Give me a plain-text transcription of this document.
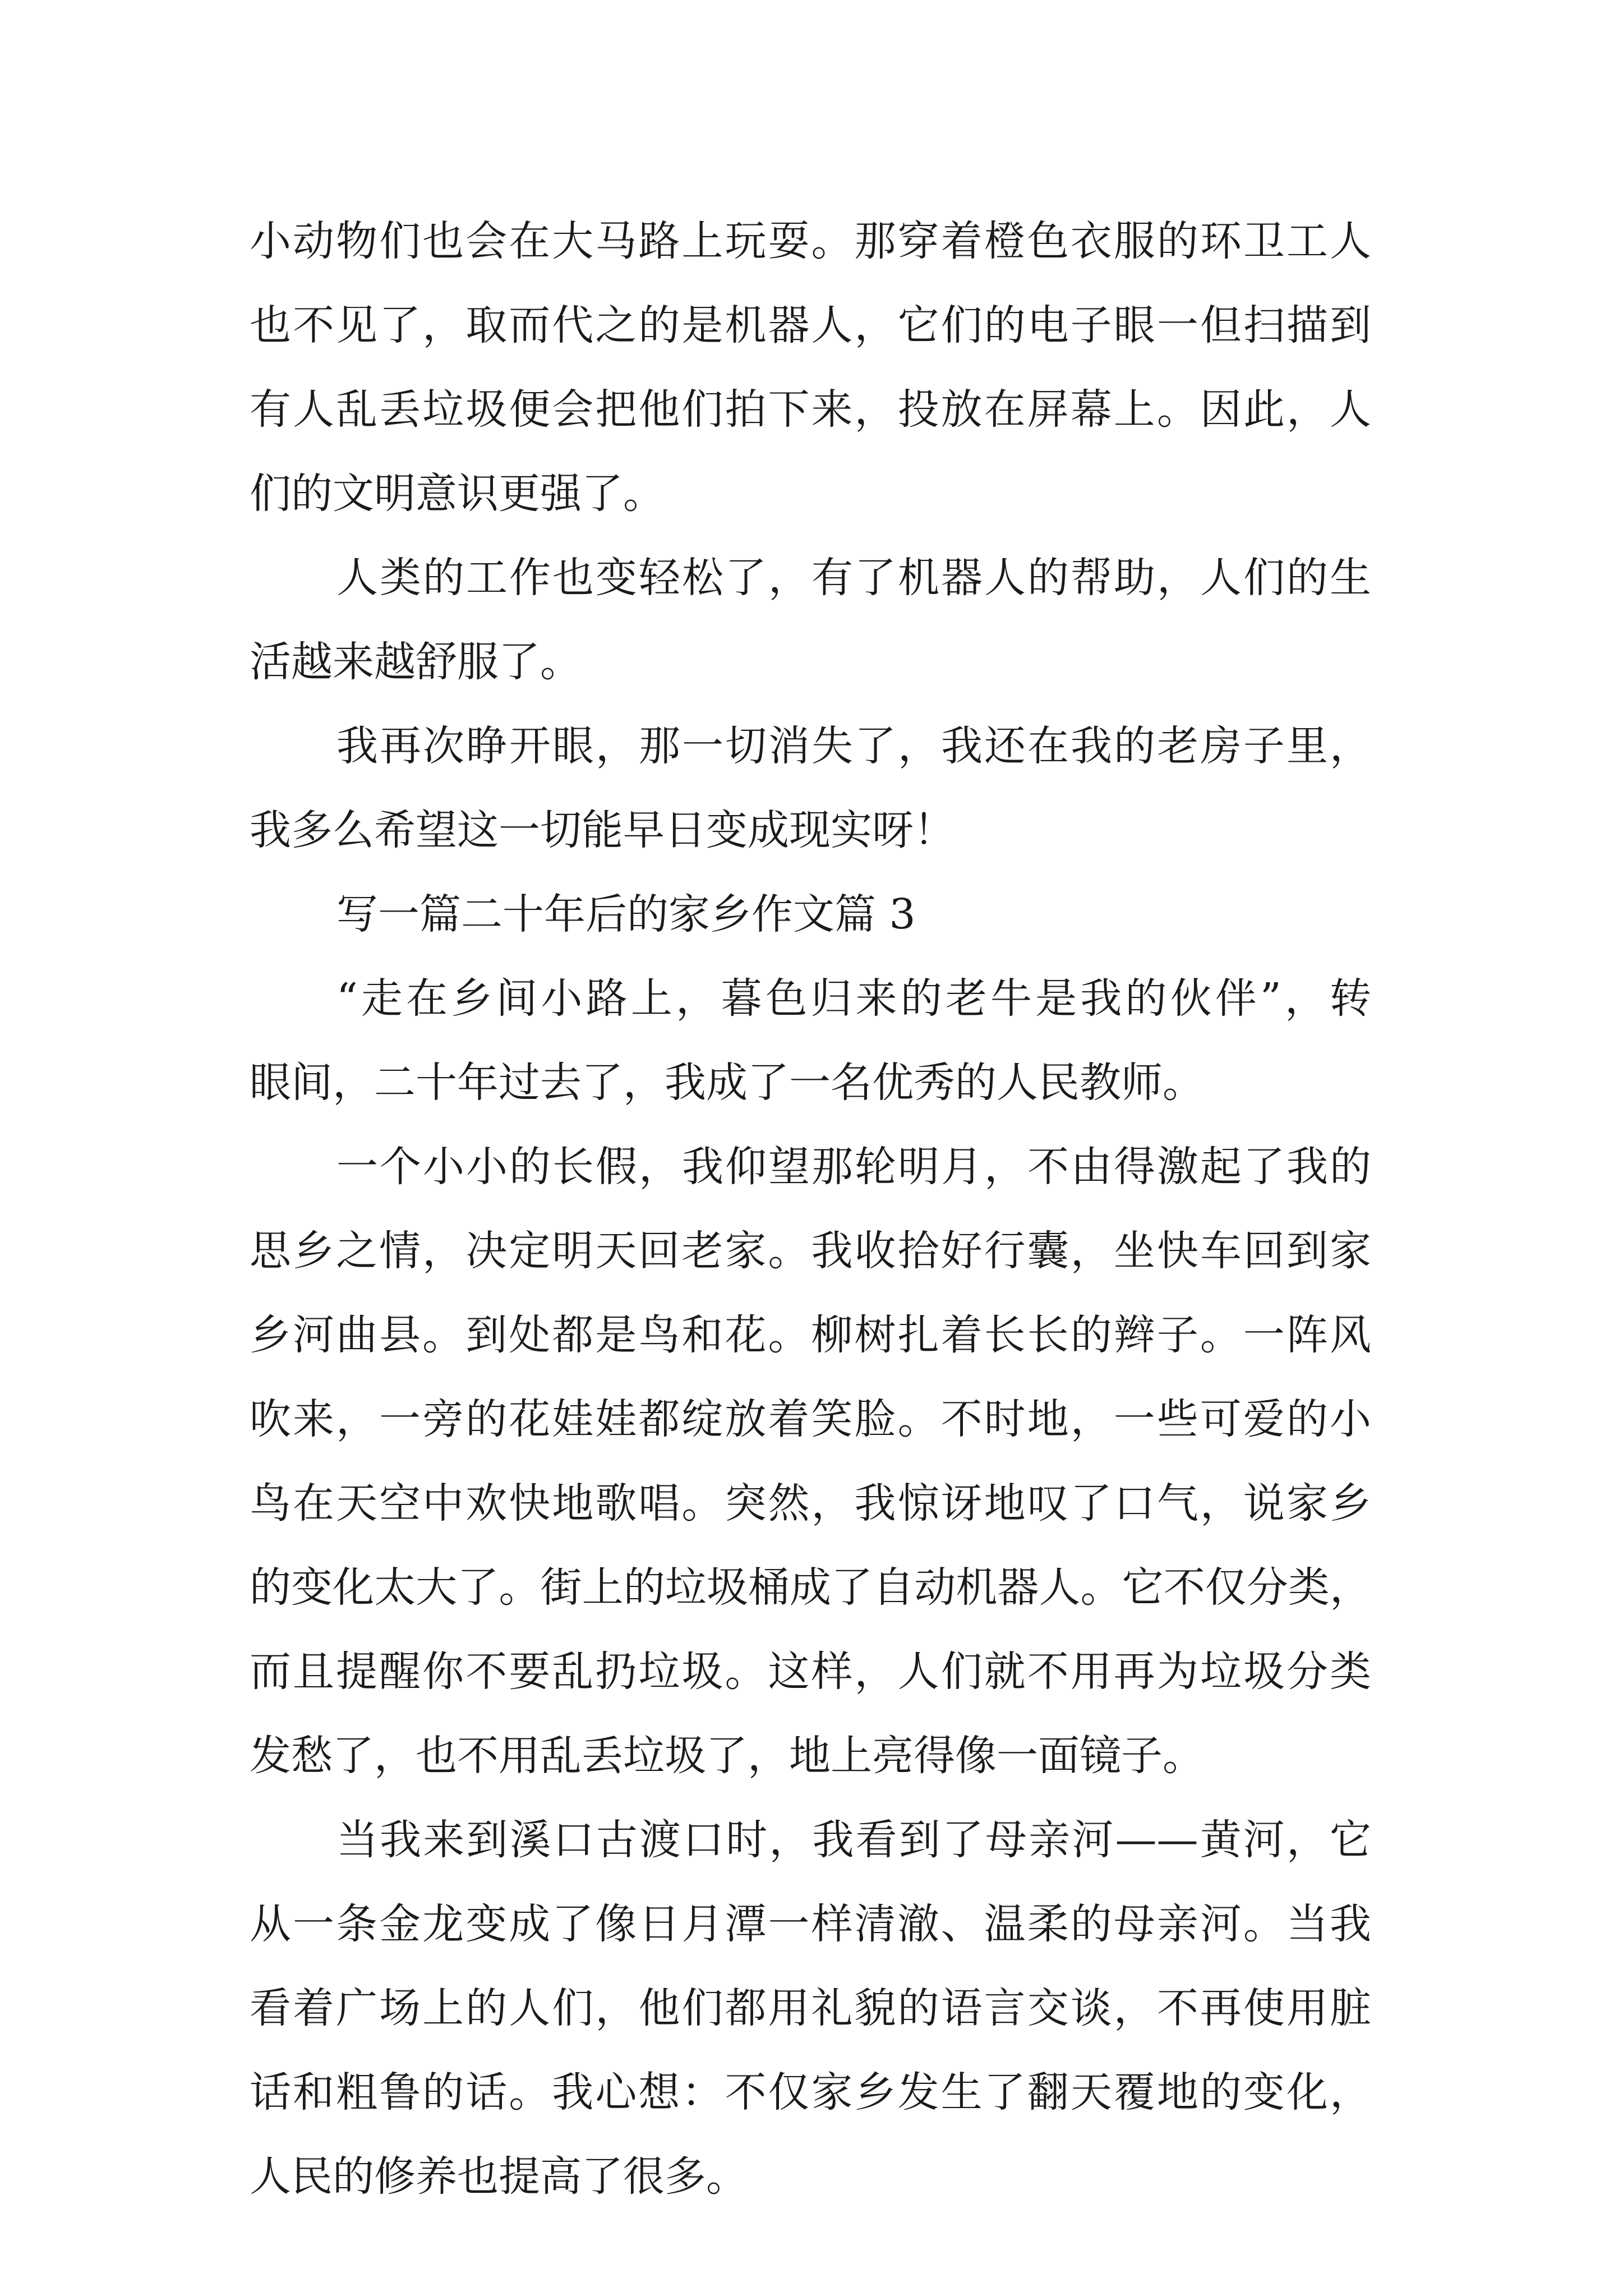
小动物们也会在大马路上玩耍。那穿着橙色衣服的环卫工人

也不见了，取而代之的是机器人，它们的电子眼一但扫描到

有人乱丢垃圾便会把他们拍下来，投放在屏幕上。因此，人

们的文明意识更强了。

人类的工作也变轻松了，有了机器人的帮助，人们的生

活越来越舒服了。

我再次睁开眼，那一切消失了，我还在我的老房子里，

我多么希望这一切能早日变成现实呀！

写一篇二十年后的家乡作文篇 3

“走在乡间小路上，暮色归来的老牛是我的伙伴”，转

眼间，二十年过去了，我成了一名优秀的人民教师。

一个小小的长假，我仰望那轮明月，不由得激起了我的

思乡之情，决定明天回老家。我收拾好行囊，坐快车回到家

乡河曲县。到处都是鸟和花。柳树扎着长长的辫子。一阵风

吹来，一旁的花娃娃都绽放着笑脸。不时地，一些可爱的小

鸟在天空中欢快地歌唱。突然，我惊讶地叹了口气，说家乡

的变化太大了。街上的垃圾桶成了自动机器人。它不仅分类，

而且提醒你不要乱扔垃圾。这样，人们就不用再为垃圾分类

发愁了，也不用乱丢垃圾了，地上亮得像一面镜子。

当我来到溪口古渡口时，我看到了母亲河——黄河，它

从一条金龙变成了像日月潭一样清澈、温柔的母亲河。当我

看着广场上的人们，他们都用礼貌的语言交谈，不再使用脏

话和粗鲁的话。我心想：不仅家乡发生了翻天覆地的变化，

人民的修养也提高了很多。
